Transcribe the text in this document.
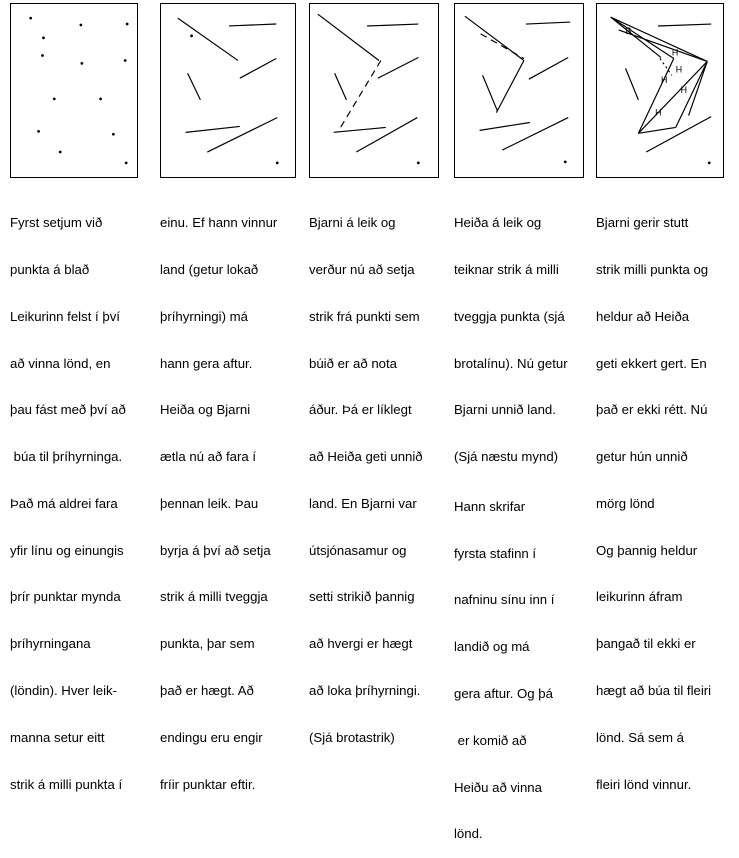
B
H
H
H
H
H

Fyrst setjum við

punkta á blað

Leikurinn felst í því

að vinna lönd, en

þau fást með því að

búa til þríhyrninga.

Það má aldrei fara

yfir línu og einungis

þrír punktar mynda

þríhyrningana

(löndin). Hver leik-

manna setur eitt

strik á milli punkta í

einu. Ef hann vinnur

land (getur lokað

þríhyrningi) má

hann gera aftur.

Heiða og Bjarni

ætla nú að fara í

þennan leik. Þau

byrja á því að setja

strik á milli tveggja

punkta, þar sem

það er hægt. Að

endingu eru engir

fríir punktar eftir.

Bjarni á leik og

verður nú að setja

strik frá punkti sem

búið er að nota

áður. Þá er líklegt

að Heiða geti unnið

land. En Bjarni var

útsjónasamur og

setti strikið þannig

að hvergi er hægt

að loka þríhyrningi.

(Sjá brotastrik)

Heiða á leik og

teiknar strik á milli

tveggja punkta (sjá

brotalínu). Nú getur

Bjarni unnið land.

(Sjá næstu mynd)

Hann skrifar

fyrsta stafinn í

nafninu sínu inn í

landið og má

gera aftur. Og þá

er komið að

Heiðu að vinna

lönd.

Bjarni gerir stutt

strik milli punkta og

heldur að Heiða

geti ekkert gert. En

það er ekki rétt. Nú

getur hún unnið

mörg lönd

Og þannig heldur

leikurinn áfram

þangað til ekki er

hægt að búa til fleiri

lönd. Sá sem á

fleiri lönd vinnur.
